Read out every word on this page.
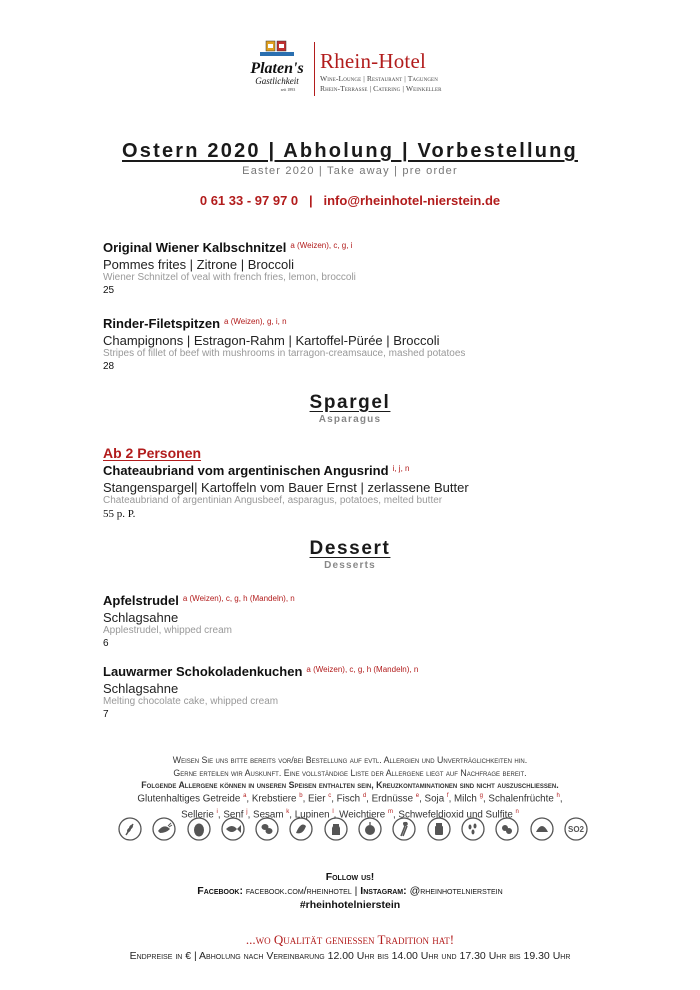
Platen's
Gastlichkeit
seit 1893
Rhein-Hotel
Wine-Lounge | Restaurant | Tagungen
Rhein-Terrasse | Catering | Weinkeller
Ostern 2020 | Abholung | Vorbestellung
Easter 2020 | Take away | pre order
0 61 33 - 97 97 0 | info@rheinhotel-nierstein.de
Original Wiener Kalbschnitzel $^{a (Weizen), c, g, i}$
Pommes frites | Zitrone | Broccoli
Wiener Schnitzel of veal with french fries, lemon, broccoli
25
Rinder-Filetspitzen $^{a (Weizen), g, i, n}$
Champignons | Estragon-Rahm | Kartoffel-Pürée | Broccoli
Stripes of fillet of beef with mushrooms in tarragon-creamsauce, mashed potatoes
28
Spargel
Asparagus
Ab 2 Personen
Chateaubriand vom argentinischen Angusrind $^{i, j, n}$
Stangenspargel| Kartoffeln vom Bauer Ernst | zerlassene Butter
Chateaubriand of argentinian Angusbeef, asparagus, potatoes, melted butter
55 p. P.
Dessert
Desserts
Apfelstrudel $^{a (Weizen), c, g, h (Mandeln), n}$
Schlagsahne
Applestrudel, whipped cream
6
Lauwarmer Schokoladenkuchen $^{a (Weizen), c, g, h (Mandeln), n}$
Schlagsahne
Melting chocolate cake, whipped cream
7
Weisen Sie uns bitte bereits vor/bei Bestellung auf evtl. Allergien und Unverträglichkeiten hin.
Gerne erteilen wir Auskunft. Eine vollständige Liste der Allergene liegt auf Nachfrage bereit.
Folgende Allergene können in unseren Speisen enthalten sein, Kreuzkontaminationen sind nicht auszuschließen.
Glutenhaltiges Getreide $^a$, Krebstiere $^b$, Eier $^c$, Fisch $^d$, Erdnüsse $^e$, Soja $^f$, Milch $^g$, Schalenfrüchte $^h$,
Sellerie $^i$, Senf $^j$, Sesam $^k$, Lupinen $^l$, Weichtiere $^m$, Schwefeldioxid und Sulfite $^n$
SO2
Follow us!
Facebook: facebook.com/rheinhotel | Instagram: @rheinhotelnierstein
#rheinhotelnierstein
...wo Qualität genießen Tradition hat!
Endpreise in € | Abholung nach Vereinbarung 12.00 Uhr bis 14.00 Uhr und 17.30 Uhr bis 19.30 Uhr
